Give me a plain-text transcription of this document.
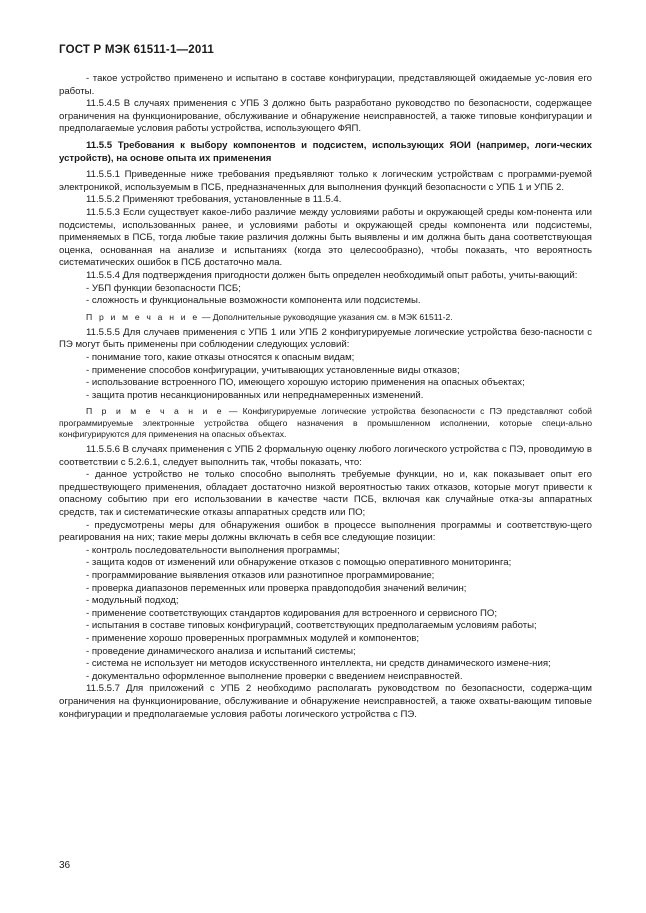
ГОСТ Р МЭК 61511-1—2011

- такое устройство применено и испытано в составе конфигурации, представляющей ожидаемые ус-ловия его работы.

11.5.4.5 В случаях применения с УПБ 3 должно быть разработано руководство по безопасности, содержащее ограничения на функционирование, обслуживание и обнаружение неисправностей, а также типовые конфигурации и предполагаемые условия работы устройства, использующего ФЯП.

11.5.5 Требования к выбору компонентов и подсистем, использующих ЯОИ (например, логи-ческих устройств), на основе опыта их применения

11.5.5.1 Приведенные ниже требования предъявляют только к логическим устройствам с программи-руемой электроникой, используемым в ПСБ, предназначенных для выполнения функций безопасности с УПБ 1 и УПБ 2.

11.5.5.2 Применяют требования, установленные в 11.5.4.

11.5.5.3 Если существует какое-либо различие между условиями работы и окружающей среды ком-понента или подсистемы, использованных ранее, и условиями работы и окружающей среды компонента или подсистемы, применяемых в ПСБ, тогда любые такие различия должны быть выявлены и им должна быть дана соответствующая оценка, основанная на анализе и испытаниях (когда это целесообразно), чтобы показать, что вероятность систематических ошибок в ПСБ достаточно мала.

11.5.5.4 Для подтверждения пригодности должен быть определен необходимый опыт работы, учиты-вающий:

- УБП функции безопасности ПСБ;

- сложность и функциональные возможности компонента или подсистемы.

П р и м е ч а н и е — Дополнительные руководящие указания см. в МЭК 61511-2.

11.5.5.5 Для случаев применения с УПБ 1 или УПБ 2 конфигурируемые логические устройства безо-пасности с ПЭ могут быть применены при соблюдении следующих условий:

- понимание того, какие отказы относятся к опасным видам;

- применение способов конфигурации, учитывающих установленные виды отказов;

- использование встроенного ПО, имеющего хорошую историю применения на опасных объектах;

- защита против несанкционированных или непреднамеренных изменений.

П р и м е ч а н и е — Конфигурируемые логические устройства безопасности с ПЭ представляют собой программируемые электронные устройства общего назначения в промышленном исполнении, которые специ-ально конфигурируются для применения на опасных объектах.

11.5.5.6 В случаях применения с УПБ 2 формальную оценку любого логического устройства с ПЭ, проводимую в соответствии с 5.2.6.1, следует выполнить так, чтобы показать, что:

- данное устройство не только способно выполнять требуемые функции, но и, как показывает опыт его предшествующего применения, обладает достаточно низкой вероятностью таких отказов, которые могут привести к опасному событию при его использовании в качестве части ПСБ, включая как случайные отка-зы аппаратных средств, так и систематические отказы аппаратных средств или ПО;

- предусмотрены меры для обнаружения ошибок в процессе выполнения программы и соответствую-щего реагирования на них; такие меры должны включать в себя все следующие позиции:

- контроль последовательности выполнения программы;

- защита кодов от изменений или обнаружение отказов с помощью оперативного мониторинга;

- программирование выявления отказов или разнотипное программирование;

- проверка диапазонов переменных или проверка правдоподобия значений величин;

- модульный подход;

- применение соответствующих стандартов кодирования для встроенного и сервисного ПО;

- испытания в составе типовых конфигураций, соответствующих предполагаемым условиям работы;

- применение хорошо проверенных программных модулей и компонентов;

- проведение динамического анализа и испытаний системы;

- система не использует ни методов искусственного интеллекта, ни средств динамического измене-ния;

- документально оформленное выполнение проверки с введением неисправностей.

11.5.5.7 Для приложений с УПБ 2 необходимо располагать руководством по безопасности, содержа-щим ограничения на функционирование, обслуживание и обнаружение неисправностей, а также охваты-вающим типовые конфигурации и предполагаемые условия работы логического устройства с ПЭ.

36
